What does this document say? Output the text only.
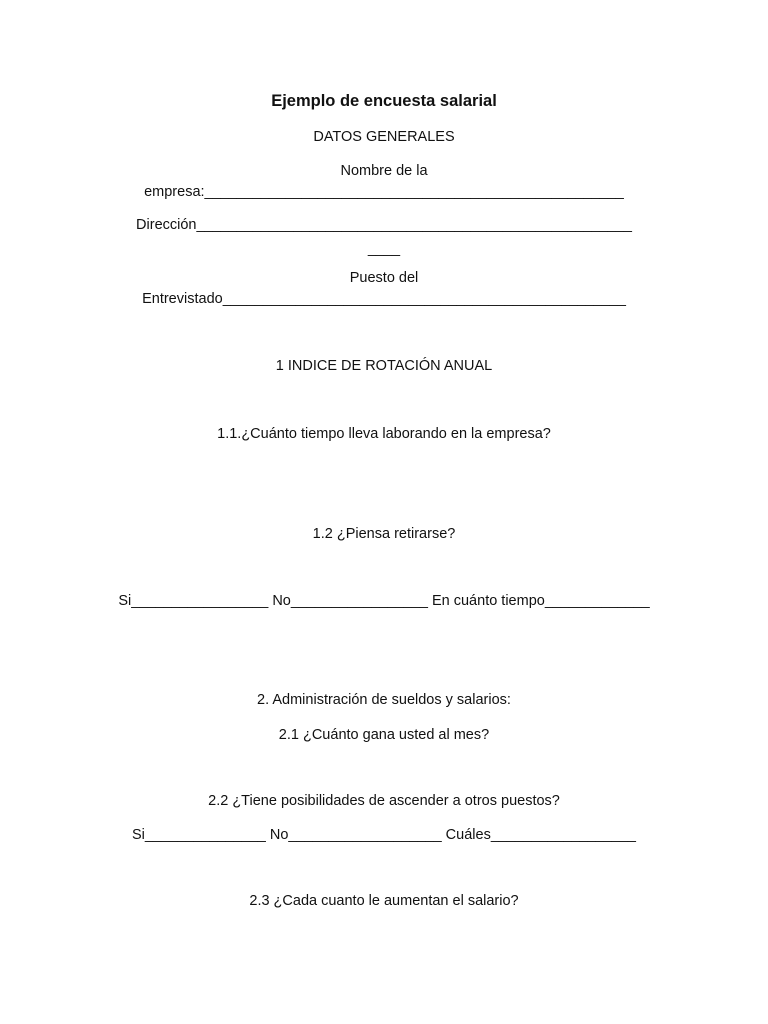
Ejemplo de encuesta salarial
DATOS GENERALES
Nombre de la
empresa:____________________________________________________
Dirección______________________________________________________
____
Puesto del
Entrevistado__________________________________________________
1 INDICE DE ROTACIÓN ANUAL
1.1.¿Cuánto tiempo lleva laborando en la empresa?
1.2 ¿Piensa retirarse?
Si_________________ No_________________ En cuánto tiempo_____________
2. Administración de sueldos y salarios:
2.1 ¿Cuánto gana usted al mes?
2.2 ¿Tiene posibilidades de ascender a otros puestos?
Si_______________ No___________________ Cuáles__________________
2.3 ¿Cada cuanto le aumentan el salario?
